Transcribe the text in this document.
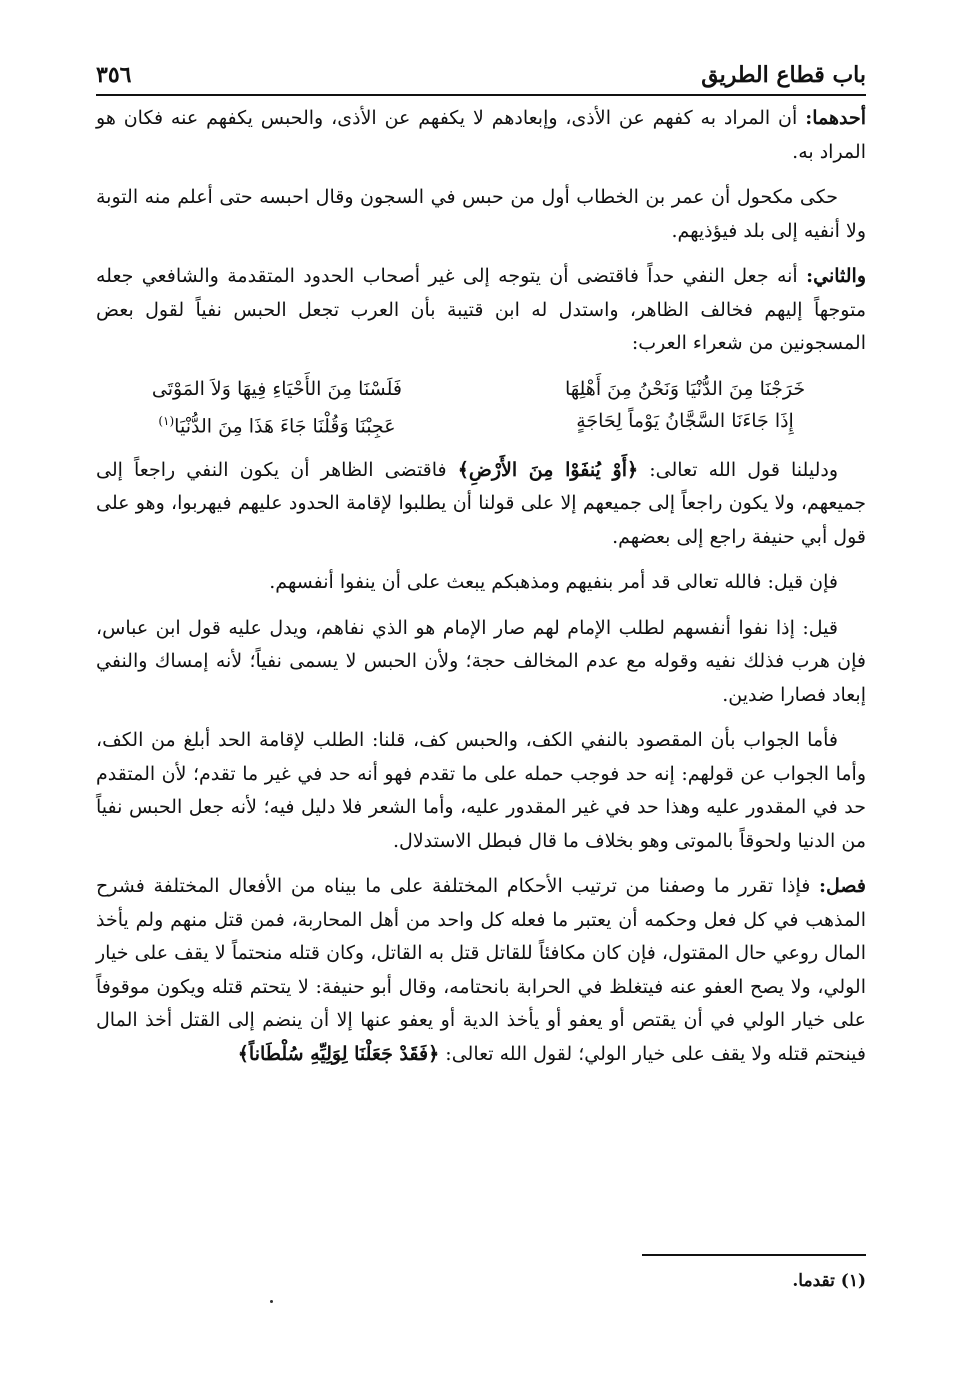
باب قطاع الطريق
٣٥٦

أحدهما: أن المراد به كفهم عن الأذى، وإبعادهم لا يكفهم عن الأذى، والحبس يكفهم عنه فكان هو المراد به.

حكى مكحول أن عمر بن الخطاب أول من حبس في السجون وقال احبسه حتى أعلم منه التوبة ولا أنفيه إلى بلد فيؤذيهم.

والثاني: أنه جعل النفي حداً فاقتضى أن يتوجه إلى غير أصحاب الحدود المتقدمة والشافعي جعله متوجهاً إليهم فخالف الظاهر، واستدل له ابن قتيبة بأن العرب تجعل الحبس نفياً لقول بعض المسجونين من شعراء العرب:

خَرَجْنَا مِنَ الدُّنْيَا وَنَحْنُ مِنَ أَهْلِهَا
فَلَسْنَا مِنَ الأَحْيَاءِ فِيهَا وَلاَ المَوْتَى
إِذَا جَاءَنَا السَّجَّانُ يَوْماً لِحَاجَةٍ
عَجِبْنَا وَقُلْنَا جَاءَ هَذَا مِنَ الدُّنْيَا$^{(١)}$

ودليلنا قول الله تعالى: ﴿أَوْ يُنفَوْا مِنَ الأَرْضِ﴾ فاقتضى الظاهر أن يكون النفي راجعاً إلى جميعهم، ولا يكون راجعاً إلى جميعهم إلا على قولنا أن يطلبوا لإقامة الحدود عليهم فيهربوا، وهو على قول أبي حنيفة راجع إلى بعضهم.

فإن قيل: فالله تعالى قد أمر بنفيهم ومذهبكم يبعث على أن ينفوا أنفسهم.

قيل: إذا نفوا أنفسهم لطلب الإمام لهم صار الإمام هو الذي نفاهم، ويدل عليه قول ابن عباس، فإن هرب فذلك نفيه وقوله مع عدم المخالف حجة؛ ولأن الحبس لا يسمى نفياً؛ لأنه إمساك والنفي إبعاد فصارا ضدين.

فأما الجواب بأن المقصود بالنفي الكف، والحبس كف، قلنا: الطلب لإقامة الحد أبلغ من الكف، وأما الجواب عن قولهم: إنه حد فوجب حمله على ما تقدم فهو أنه حد في غير ما تقدم؛ لأن المتقدم حد في المقدور عليه وهذا حد في غير المقدور عليه، وأما الشعر فلا دليل فيه؛ لأنه جعل الحبس نفياً من الدنيا ولحوقاً بالموتى وهو بخلاف ما قال فبطل الاستدلال.

فصل: فإذا تقرر ما وصفنا من ترتيب الأحكام المختلفة على ما بيناه من الأفعال المختلفة فشرح المذهب في كل فعل وحكمه أن يعتبر ما فعله كل واحد من أهل المحاربة، فمن قتل منهم ولم يأخذ المال روعي حال المقتول، فإن كان مكافئاً للقاتل قتل به القاتل، وكان قتله منحتماً لا يقف على خيار الولي، ولا يصح العفو عنه فيتغلظ في الحرابة بانحتامه، وقال أبو حنيفة: لا يتحتم قتله ويكون موقوفاً على خيار الولي في أن يقتص أو يعفو أو يأخذ الدية أو يعفو عنها إلا أن ينضم إلى القتل أخذ المال فينحتم قتله ولا يقف على خيار الولي؛ لقول الله تعالى: ﴿فَقَدْ جَعَلْنَا لِوَلِيِّهِ سُلْطَاناً﴾

(١) تقدما.
